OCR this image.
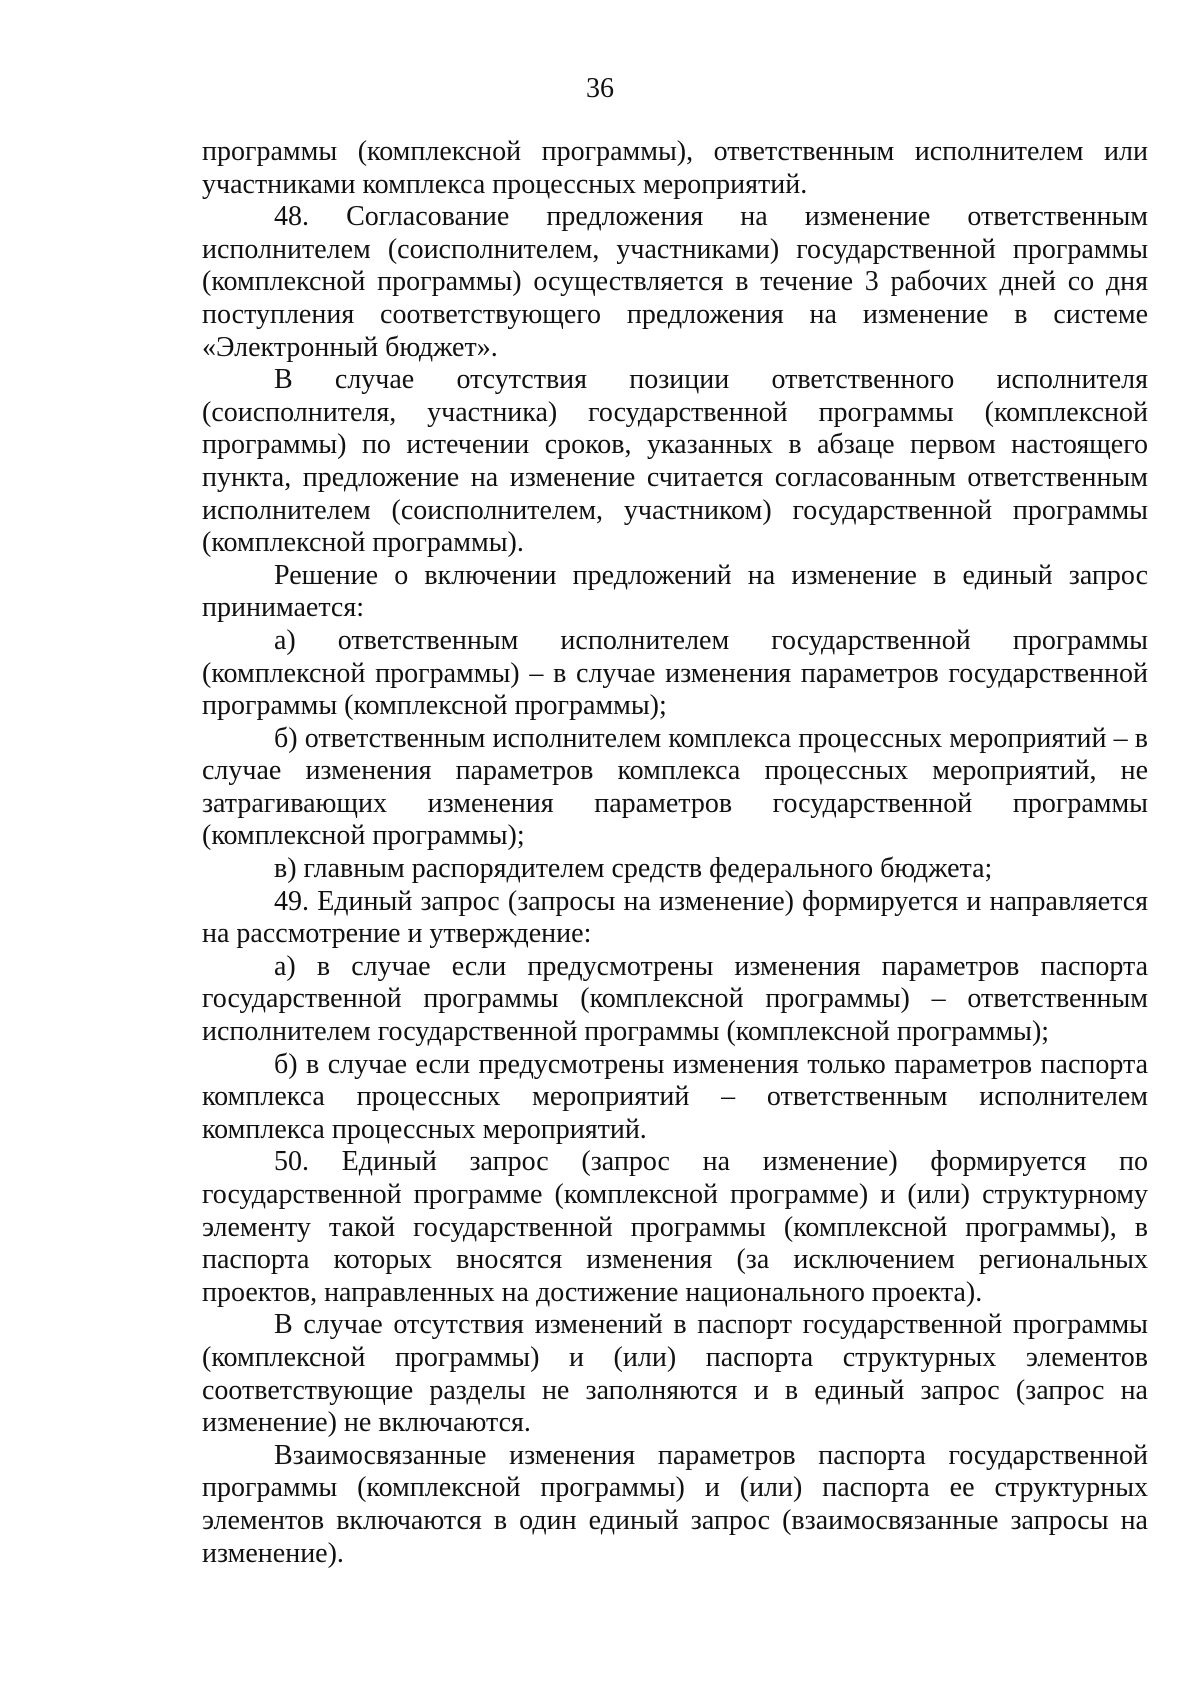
36

программы (комплексной программы), ответственным исполнителем или участниками комплекса процессных мероприятий.

48. Согласование предложения на изменение ответственным исполнителем (соисполнителем, участниками) государственной программы (комплексной программы) осуществляется в течение 3 рабочих дней со дня поступления соответствующего предложения на изменение в системе «Электронный бюджет».

В случае отсутствия позиции ответственного исполнителя (соисполнителя, участника) государственной программы (комплексной программы) по истечении сроков, указанных в абзаце первом настоящего пункта, предложение на изменение считается согласованным ответственным исполнителем (соисполнителем, участником) государственной программы (комплексной программы).

Решение о включении предложений на изменение в единый запрос принимается:

а) ответственным исполнителем государственной программы (комплексной программы) – в случае изменения параметров государственной программы (комплексной программы);

б) ответственным исполнителем комплекса процессных мероприятий – в случае изменения параметров комплекса процессных мероприятий, не затрагивающих изменения параметров государственной программы (комплексной программы);

в) главным распорядителем средств федерального бюджета;

49. Единый запрос (запросы на изменение) формируется и направляется на рассмотрение и утверждение:

а) в случае если предусмотрены изменения параметров паспорта государственной программы (комплексной программы) – ответственным исполнителем государственной программы (комплексной программы);

б) в случае если предусмотрены изменения только параметров паспорта комплекса процессных мероприятий – ответственным исполнителем комплекса процессных мероприятий.

50. Единый запрос (запрос на изменение) формируется по государственной программе (комплексной программе) и (или) структурному элементу такой государственной программы (комплексной программы), в паспорта которых вносятся изменения (за исключением региональных проектов, направленных на достижение национального проекта).

В случае отсутствия изменений в паспорт государственной программы (комплексной программы) и (или) паспорта структурных элементов соответствующие разделы не заполняются и в единый запрос (запрос на изменение) не включаются.

Взаимосвязанные изменения параметров паспорта государственной программы (комплексной программы) и (или) паспорта ее структурных элементов включаются в один единый запрос (взаимосвязанные запросы на изменение).
